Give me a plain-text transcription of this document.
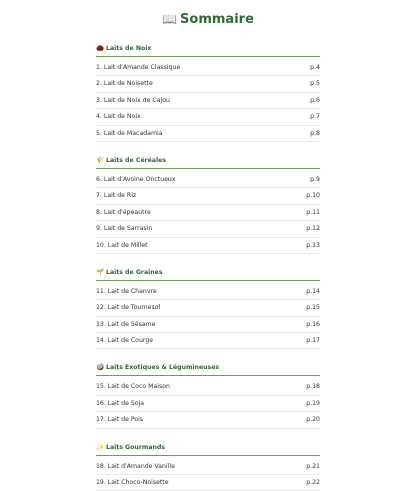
📖 Sommaire
🌰 Laits de Noix
1. Lait d'Amande Classique	p.4
2. Lait de Noisette	p.5
3. Lait de Noix de Cajou	p.6
4. Lait de Noix	p.7
5. Lait de Macadamia	p.8
🌾 Laits de Céréales
6. Lait d'Avoine Onctueux	p.9
7. Lait de Riz	p.10
8. Lait d'épeautre	p.11
9. Lait de Sarrasin	p.12
10. Lait de Millet	p.13
🌱 Laits de Graines
11. Lait de Chanvre	p.14
12. Lait de Tournesol	p.15
13. Lait de Sésame	p.16
14. Lait de Courge	p.17
🥥 Laits Exotiques & Légumineuses
15. Lait de Coco Maison	p.18
16. Lait de Soja	p.19
17. Lait de Pois	p.20
✨ Laits Gourmands
18. Lait d'Amande Vanille	p.21
19. Lait Choco-Noisette	p.22
